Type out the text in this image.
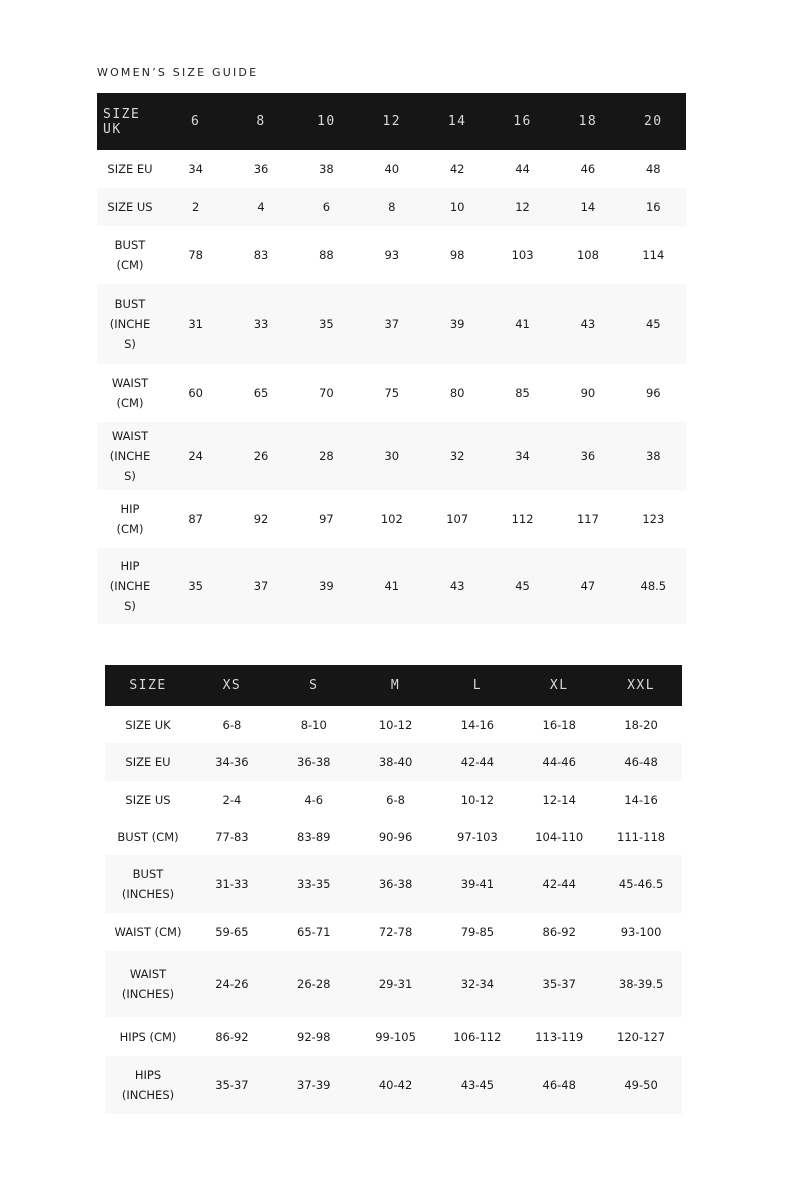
WOMEN’S SIZE GUIDE
SIZE
UK	6	8	10	12	14	16	18	20
SIZE EU	34	36	38	40	42	44	46	48
SIZE US	2	4	6	8	10	12	14	16
BUST
(CM)	78	83	88	93	98	103	108	114
BUST
(INCHE
S)	31	33	35	37	39	41	43	45
WAIST
(CM)	60	65	70	75	80	85	90	96
WAIST
(INCHE
S)	24	26	28	30	32	34	36	38
HIP
(CM)	87	92	97	102	107	112	117	123
HIP
(INCHE
S)	35	37	39	41	43	45	47	48.5
SIZE	XS	S	M	L	XL	XXL
SIZE UK	6-8	8-10	10-12	14-16	16-18	18-20
SIZE EU	34-36	36-38	38-40	42-44	44-46	46-48
SIZE US	2-4	4-6	6-8	10-12	12-14	14-16
BUST (CM)	77-83	83-89	90-96	97-103	104-110	111-118
BUST
(INCHES)	31-33	33-35	36-38	39-41	42-44	45-46.5
WAIST (CM)	59-65	65-71	72-78	79-85	86-92	93-100
WAIST
(INCHES)	24-26	26-28	29-31	32-34	35-37	38-39.5
HIPS (CM)	86-92	92-98	99-105	106-112	113-119	120-127
HIPS
(INCHES)	35-37	37-39	40-42	43-45	46-48	49-50
